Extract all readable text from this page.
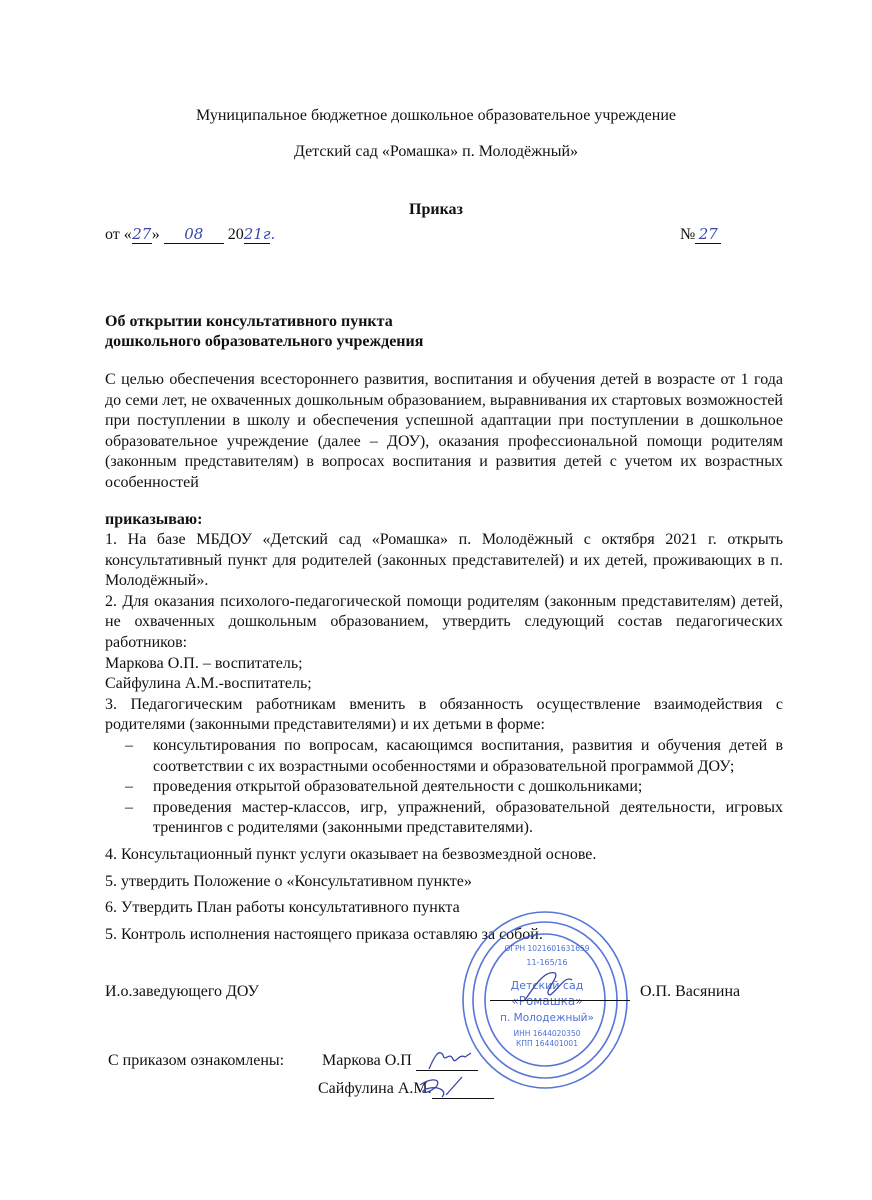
Муниципальное бюджетное дошкольное образовательное учреждение
Детский сад «Ромашка» п. Молодёжный»
Приказ
от «27» 08 2021г.	№ 27
Об открытии консультативного пункта
дошкольного образовательного учреждения

С целью обеспечения всестороннего развития, воспитания и обучения детей в возрасте от 1 года до семи лет, не охваченных дошкольным образованием, выравнивания их стартовых возможностей при поступлении в школу и обеспечения успешной адаптации при поступлении в дошкольное образовательное учреждение (далее – ДОУ), оказания профессиональной помощи родителям (законным представителям) в вопросах воспитания и развития детей с учетом их возрастных особенностей

приказываю:

1. На базе МБДОУ «Детский сад «Ромашка» п. Молодёжный с октября 2021 г. открыть консультативный пункт для родителей (законных представителей) и их детей, проживающих в п. Молодёжный».

2. Для оказания психолого-педагогической помощи родителям (законным представителям) детей, не охваченных дошкольным образованием, утвердить следующий состав педагогических работников:

Маркова О.П. – воспитатель;

Сайфулина А.М.-воспитатель;

3. Педагогическим работникам вменить в обязанность осуществление взаимодействия с родителями (законными представителями) и их детьми в форме:

– консультирования по вопросам, касающимся воспитания, развития и обучения детей в соответствии с их возрастными особенностями и образовательной программой ДОУ;
– проведения открытой образовательной деятельности с дошкольниками;
– проведения мастер-классов, игр, упражнений, образовательной деятельности, игровых тренингов с родителями (законными представителями).

4. Консультационный пункт услуги оказывает на безвозмездной основе.

5. утвердить Положение о «Консультативном пункте»

6. Утвердить План работы консультативного пункта

5. Контроль исполнения настоящего приказа оставляю за собой.

ОГРН 1021601631659
11-165/16
Детский сад
«Ромашка»
п. Молодежный»
ИНН 1644020350
КПП 164401001
И.о.заведующего ДОУ	О.П. Васянина
С приказом ознакомлены: Маркова О.П
Сайфулина А.М.
